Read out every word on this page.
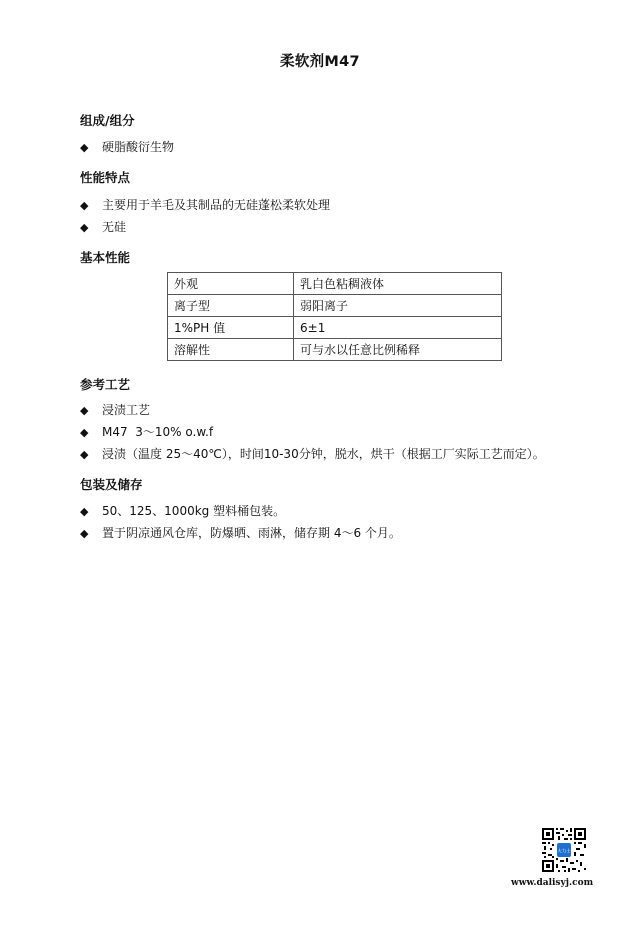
柔软剂M47
组成/组分
◆ 硬脂酸衍生物
性能特点
◆ 主要用于羊毛及其制品的无硅蓬松柔软处理
◆ 无硅
基本性能
外观	乳白色粘稠液体
离子型	弱阳离子
1%PH 值	6±1
溶解性	可与水以任意比例稀释
参考工艺
◆ 浸渍工艺
◆ M47  3～10% o.w.f
◆ 浸渍（温度 25～40℃），时间10-30分钟，脱水，烘干（根据工厂实际工艺而定）。
包装及储存
◆ 50、125、1000kg 塑料桶包装。
◆ 置于阴凉通风仓库，防爆晒、雨淋，储存期 4～6 个月。
大力士
www.dalisyj.com
